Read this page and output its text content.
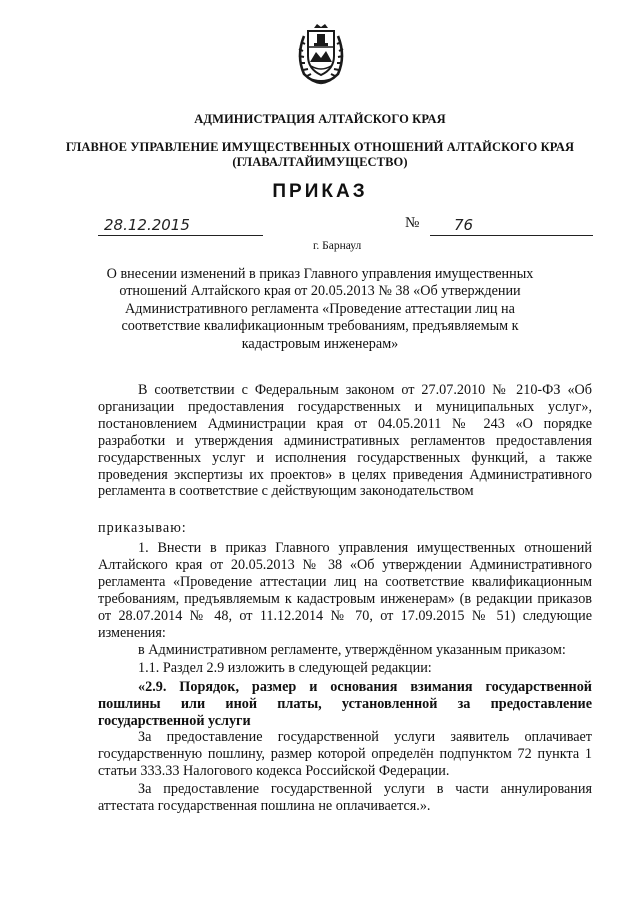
АДМИНИСТРАЦИЯ АЛТАЙСКОГО КРАЯ
ГЛАВНОЕ УПРАВЛЕНИЕ ИМУЩЕСТВЕННЫХ ОТНОШЕНИЙ АЛТАЙСКОГО КРАЯ
(ГЛАВАЛТАЙИМУЩЕСТВО)
ПРИКАЗ
28.12.2015	№ 76
г. Барнаул
О внесении изменений в приказ Главного управления имущественных отношений Алтайского края от 20.05.2013 № 38 «Об утверждении Административного регламента «Проведение аттестации лиц на соответствие квалификационным требованиям, предъявляемым к кадастровым инженерам»
В соответствии с Федеральным законом от 27.07.2010 № 210-ФЗ «Об организации предоставления государственных и муниципальных услуг», постановлением Администрации края от 04.05.2011 № 243 «О порядке разработки и утверждения административных регламентов предоставления государственных услуг и исполнения государственных функций, а также проведения экспертизы их проектов» в целях приведения Административного регламента в соответствие с действующим законодательством
приказываю:
1. Внести в приказ Главного управления имущественных отношений Алтайского края от 20.05.2013 № 38 «Об утверждении Административного регламента «Проведение аттестации лиц на соответствие квалификационным требованиям, предъявляемым к кадастровым инженерам» (в редакции приказов от 28.07.2014 № 48, от 11.12.2014 № 70, от 17.09.2015 № 51) следующие изменения:
в Административном регламенте, утверждённом указанным приказом:
1.1. Раздел 2.9 изложить в следующей редакции:
«2.9. Порядок, размер и основания взимания государственной пошлины или иной платы, установленной за предоставление государственной услуги
За предоставление государственной услуги заявитель оплачивает государственную пошлину, размер которой определён подпунктом 72 пункта 1 статьи 333.33 Налогового кодекса Российской Федерации.
За предоставление государственной услуги в части аннулирования аттестата государственная пошлина не оплачивается.».
